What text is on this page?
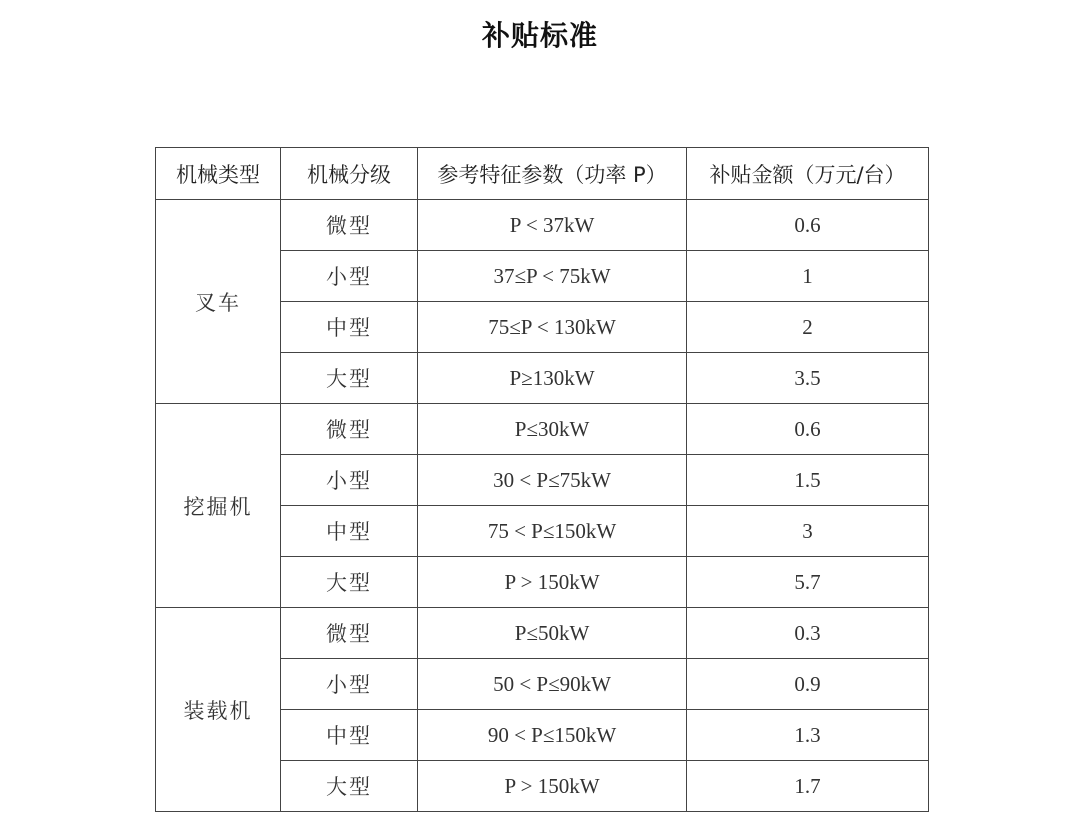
补贴标准
机械类型	机械分级	参考特征参数（功率 P）	补贴金额（万元/台）
叉车	微型	P < 37kW	0.6
	小型	37≤P < 75kW	1
	中型	75≤P < 130kW	2
	大型	P≥130kW	3.5
挖掘机	微型	P≤30kW	0.6
	小型	30 < P≤75kW	1.5
	中型	75 < P≤150kW	3
	大型	P > 150kW	5.7
装载机	微型	P≤50kW	0.3
	小型	50 < P≤90kW	0.9
	中型	90 < P≤150kW	1.3
	大型	P > 150kW	1.7
